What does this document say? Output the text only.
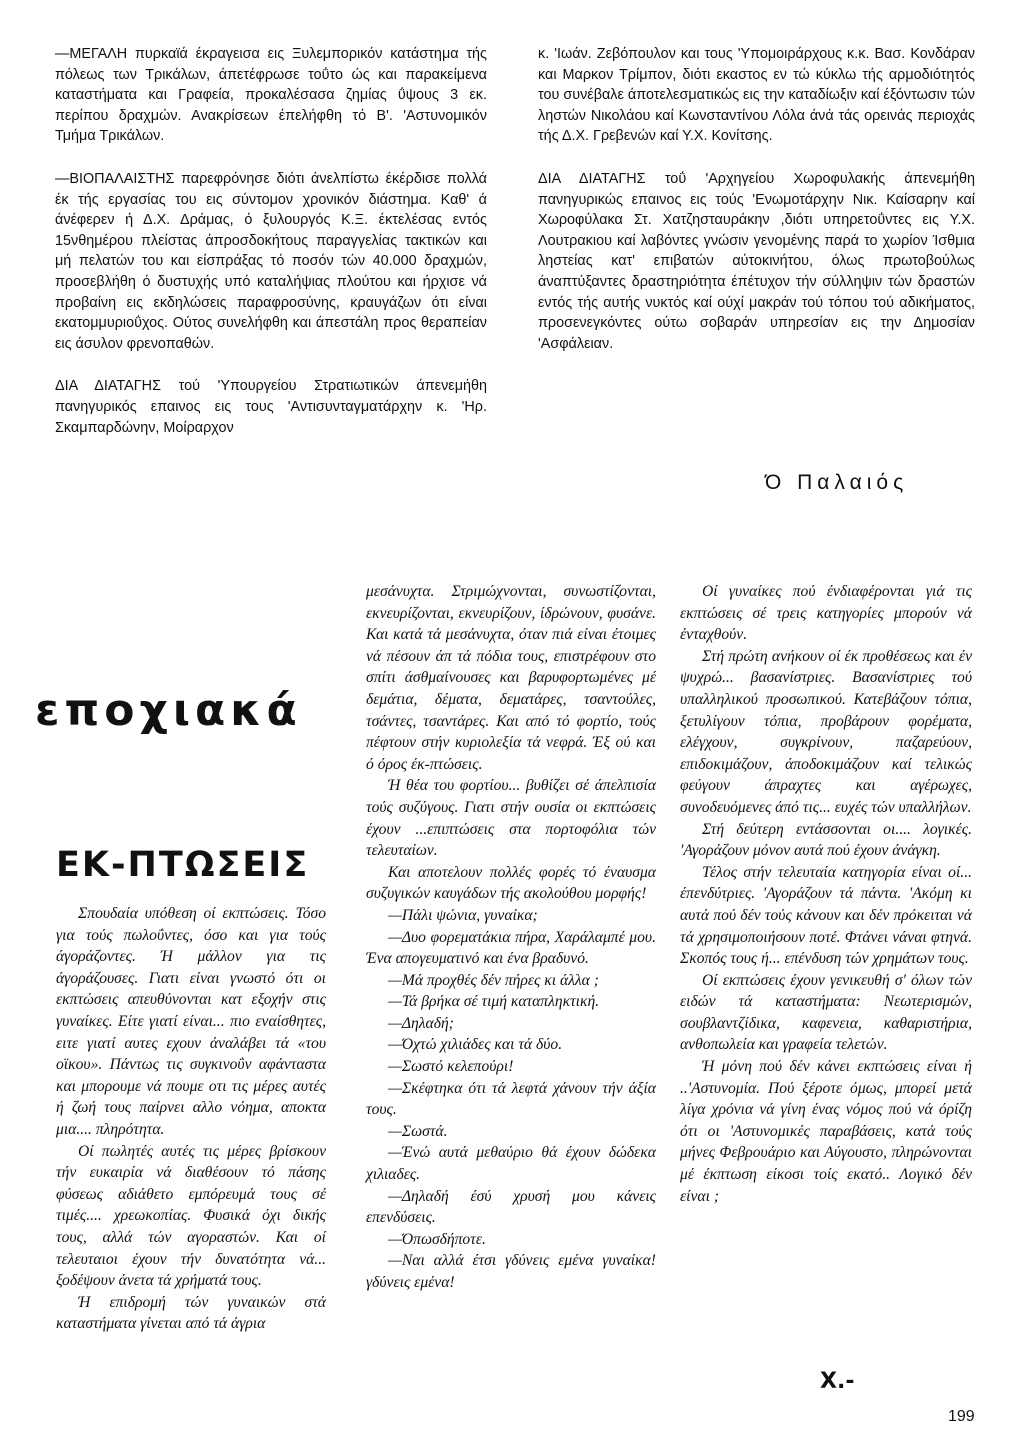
—ΜΕΓΑΛΗ πυρκαϊά έκραγεισα εις Ξυλεμπορικόν κατάστημα τής πόλεως των Τρικάλων, άπετέφρωσε τοΰτο ώς και παρακείμενα καταστήματα και Γραφεία, προκαλέσασα ζημίας ΰψους 3 εκ. περίπου δραχμών. Ανακρίσεων έπελήφθη τό Β'. 'Αστυνομικόν Τμήμα Τρικάλων.

—ΒΙΟΠΑΛΑΙΣΤΗΣ παρεφρόνησε διότι άνελπίστω έκέρδισε πολλά έκ τής εργασίας του εις σύντομον χρονικόν διάστημα. Καθ' ά άνέφερεν ή Δ.Χ. Δράμας, ό ξυλουργός Κ.Ξ. έκτελέσας εντός 15νθημέρου πλείστας άπροσδοκήτους παραγγελίας τακτικών και μή πελατών του και είσπράξας τό ποσόν τών 40.000 δραχμών, προσεβλήθη ό δυστυχής υπό καταλήψιας πλούτου και ήρχισε νά προβαίνη εις εκδηλώσεις παραφροσύνης, κραυγάζων ότι είναι εκατομμυριοΰχος. Ούτος συνελήφθη και άπεστάλη προς θεραπείαν εις άσυλον φρενοπαθών.

ΔΙΑ ΔΙΑΤΑΓΗΣ τού 'Υπουργείου Στρατιωτικών άπενεμήθη πανηγυρικός επαινος εις τους 'Αντισυνταγματάρχην κ. 'Ηρ. Σκαμπαρδώνην, Μοίραρχον

κ. 'Ιωάν. Ζεβόπουλον και τους 'Υπομοιράρχους κ.κ. Βασ. Κονδάραν και Μαρκον Τρίμπον, διότι εκαστος εν τώ κύκλω τής αρμοδιότητός του συνέβαλε άποτελεσματικώς εις την καταδίωξιν καί έξόντωσιν τών ληστών Νικολάου καί Κωνσταντίνου Λόλα άνά τάς ορεινάς περιοχάς τής Δ.Χ. Γρεβενών καί Υ.Χ. Κονίτσης.

ΔΙΑ ΔΙΑΤΑΓΗΣ τοΰ 'Αρχηγείου Χωροφυλακής άπενεμήθη πανηγυρικώς επαινος εις τούς 'Ενωμοτάρχην Νικ. Καίσαρην καί Χωροφύλακα Στ. Χατζησταυράκην ,διότι υπηρετοΰντες εις Υ.Χ. Λουτρακιου καί λαβόντες γνώσιν γενομένης παρά το χωρίον Ίσθμια ληστείας κατ' επιβατών αύτοκινήτου, όλως πρωτοβούλως άναπτύξαντες δραστηριότητα έπέτυχον τήν σύλληψιν τών δραστών εντός τής αυτής νυκτός καί ούχί μακράν τού τόπου τού αδικήματος, προσενεγκόντες ούτω σοβαράν υπηρεσίαν εις την Δημοσίαν 'Ασφάλειαν.

Ό Παλαιός
εποχιακά
ΕΚ-ΠΤΩΣΕΙΣ

Σπουδαία υπόθεση οί εκπτώσεις. Τόσο για τούς πωλοΰντες, όσο και για τούς άγοράζοντες. Ή μάλλον για τις άγοράζουσες. Γιατι είναι γνωστό ότι οι εκπτώσεις απευθύνονται κατ εξοχήν στις γυναίκες. Είτε γιατί είναι... πιο εναίσθητες, ειτε γιατί αυτες εχουν άναλάβει τά «του οϊκου». Πάντως τις συγκινοΰν αφάνταστα και μπορουμε νά πουμε οτι τις μέρες αυτές ή ζωή τους παίρνει αλλο νόημα, αποκτα μια.... πληρότητα.

Οί πωλητές αυτές τις μέρες βρίσκουν τήν ευκαιρία νά διαθέσουν τό πάσης φύσεως αδιάθετο εμπόρευμά τους σέ τιμές.... χρεωκοπίας. Φυσικά όχι δικής τους, αλλά τών αγοραστών. Και οί τελευταιοι έχουν τήν δυνατότητα νά... ξοδέψουν άνετα τά χρήματά τους.

Ή επιδρομή τών γυναικών στά καταστήματα γίνεται από τά άγρια

μεσάνυχτα. Στριμώχνονται, συνωστίζονται, εκνευρίζονται, εκνευρίζουν, ίδρώνουν, φυσάνε. Και κατά τά μεσάνυχτα, όταν πιά είναι έτοιμες νά πέσουν άπ τά πόδια τους, επιστρέφουν στο σπίτι άσθμαίνουσες και βαρυφορτωμένες μέ δεμάτια, δέματα, δεματάρες, τσαντούλες, τσάντες, τσαντάρες. Και από τό φορτίο, τούς πέφτουν στήν κυριολεξία τά νεφρά. Έξ ού και ό όρος έκ-πτώσεις.

Ή θέα του φορτίου... βυθίζει σέ άπελπισία τούς συζύγους. Γιατι στήν ουσία οι εκπτώσεις έχουν ...επιπτώσεις στα πορτοφόλια τών τελευταίων.

Και αποτελουν πολλές φορές τό έναυσμα συζυγικών καυγάδων τής ακολούθου μορφής!

—Πάλι ψώνια, γυναίκα;

—Δυο φορεματάκια πήρα, Χαράλαμπέ μου. Ένα απογευματινό και ένα βραδυνό.

—Μά προχθές δέν πήρες κι άλλα ;

—Τά βρήκα σέ τιμή καταπληκτική.

—Δηλαδή;

—Όχτώ χιλιάδες και τά δύο.

—Σωστό κελεπούρι!

—Σκέφτηκα ότι τά λεφτά χάνουν τήν άξία τους.

—Σωστά.

—Ένώ αυτά μεθαύριο θά έχουν δώδεκα χιλιαδες.

—Δηλαδή έσύ χρυσή μου κάνεις επενδύσεις.

—Όπωσδήποτε.

—Ναι αλλά έτσι γδύνεις εμένα γυναίκα! γδύνεις εμένα!

Οί γυναίκες πού ένδιαφέρονται γιά τις εκπτώσεις σέ τρεις κατηγορίες μπορούν νά ένταχθούν.

Στή πρώτη ανήκουν οί έκ προθέσεως και έν ψυχρώ... βασανίστριες. Βασανίστριες τού υπαλληλικού προσωπικού. Κατεβάζουν τόπια, ξετυλίγουν τόπια, προβάρουν φορέματα, ελέγχουν, συγκρίνουν, παζαρεύουν, επιδοκιμάζουν, άποδοκιμάζουν καί τελικώς φεύγουν άπραχτες και αγέρωχες, συνοδευόμενες άπό τις... ευχές τών υπαλλήλων.

Στή δεύτερη εντάσσονται οι.... λογικές. 'Αγοράζουν μόνον αυτά πού έχουν άνάγκη.

Τέλος στήν τελευταία κατηγορία είναι οί... έπενδύτριες. 'Αγοράζουν τά πάντα. 'Ακόμη κι αυτά πού δέν τούς κάνουν και δέν πρόκειται νά τά χρησιμοποιήσουν ποτέ. Φτάνει νάναι φτηνά. Σκοπός τους ή... επένδυση τών χρημάτων τους.

Οί εκπτώσεις έχουν γενικευθή σ' όλων τών ειδών τά καταστήματα: Νεωτερισμών, σουβλαντζίδικα, καφενεια, καθαριστήρια, ανθοπωλεία και γραφεία τελετών.

Ή μόνη πού δέν κάνει εκπτώσεις είναι ή ..'Αστυνομία. Πού ξέροτε όμως, μπορεί μετά λίγα χρόνια νά γίνη ένας νόμος πού νά όρίζη ότι οι 'Αστυνομικές παραβάσεις, κατά τούς μήνες Φεβρουάριο και Αύγουστο, πληρώνονται μέ έκπτωση είκοσι τοίς εκατό.. Λογικό δέν είναι ;

Χ.-
199
